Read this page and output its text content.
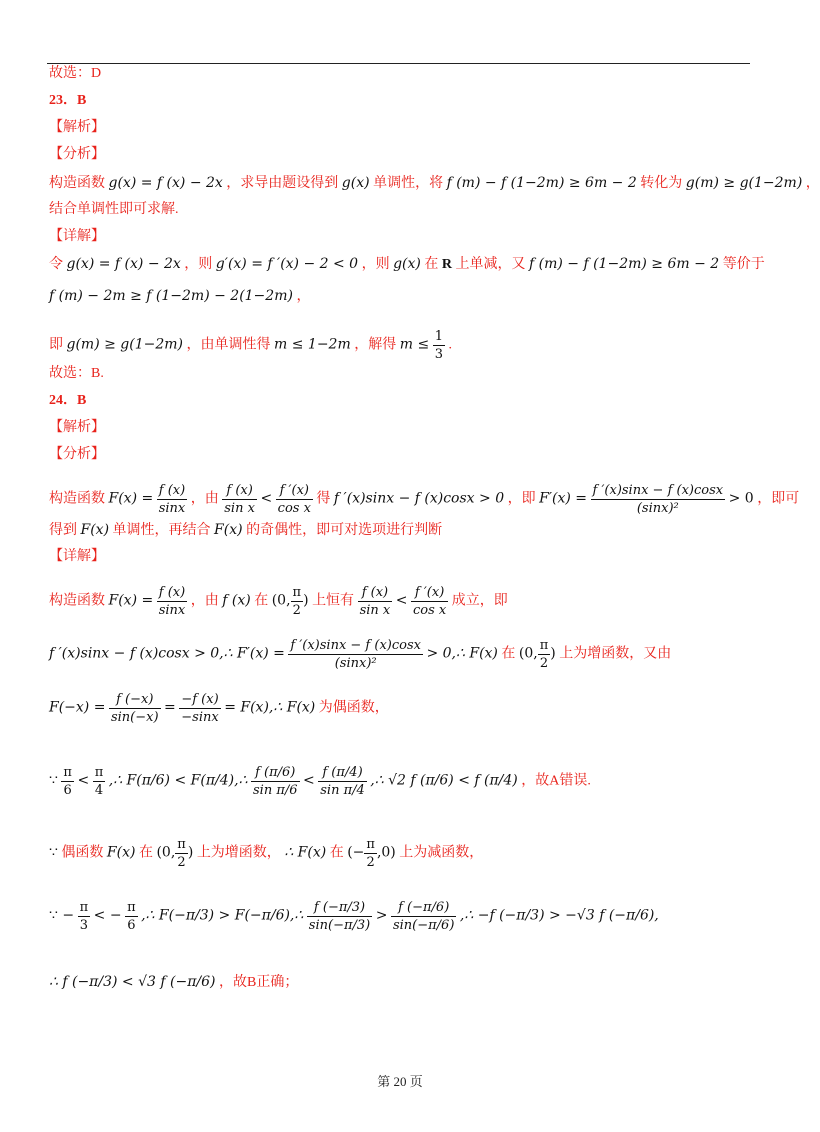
故选：D
23．B
【解析】
【分析】
构造函数 g(x) = f (x) − 2x ，求导由题设得到 g(x) 单调性，将 f (m) − f (1−2m) ≥ 6m − 2 转化为 g(m) ≥ g(1−2m) ，
结合单调性即可求解.
【详解】
令 g(x) = f (x) − 2x ，则 g′(x) = f ′(x) − 2 < 0 ，则 g(x) 在 R 上单减，又 f (m) − f (1−2m) ≥ 6m − 2 等价于
f (m) − 2m ≥ f (1−2m) − 2(1−2m) ，
即 g(m) ≥ g(1−2m) ，由单调性得 m ≤ 1−2m ，解得 $m \le \frac{1}{3}$ .
故选：B.
24．B
【解析】
【分析】
构造函数 $F(x) = \frac{f (x)}{\sin x}$ ，由 $\frac{f (x)}{\text{sin x}} < \frac{f '(x)}{\text{cos x}}$ 得 f ′(x)sinx − f (x)cosx > 0 ，即 $F'(x) = \frac{f '(x)\sin x - f (x)\cos x}{\text{(sinx)²}} > 0$ ，即可
得到 F(x) 单调性，再结合 F(x) 的奇偶性，即可对选项进行判断
【详解】
构造函数 $F(x) = \frac{f (x)}{\sin x}$ ，由 f (x) 在 (0, $\frac{\pi}{2}$ ) 上恒有 $\frac{f (x)}{\text{sin x}} < \frac{f '(x)}{\text{cos x}}$ 成立，即
f ′(x)sinx − f (x)cosx > 0,∴ $F'(x) = \frac{f '(x)\sin x - f (x)\cos x}{\text{(sinx)²}}$ > 0,∴ F(x) 在 (0, $\frac{\pi}{2}$ ) 上为增函数，又由
$F(-x) = \frac{f (-x)}{\sin(-x)} = \frac{-f (x)}{-\sin x}$ = F(x),∴ F(x) 为偶函数，
∵ $\frac{\pi}{6} < \frac{\pi}{4}$ ,∴ F(π/6) < F(π/4),∴ $\frac{f (\pi/6)}{\text{sin π/6}} < \frac{f (\pi/4)}{\text{sin π/4}}$ ,∴ √2 f (π/6) < f (π/4) ，故A错误.
∵ 偶函数 F(x) 在 (0, $\frac{\pi}{2}$ ) 上为增函数， ∴ F(x) 在 (− $\frac{\pi}{2} ,0$) 上为减函数，
∵ − $\frac{\pi}{3}$ < − $\frac{\pi}{6}$ ,∴ F(−π/3) > F(−π/6),∴ $\frac{f (-\pi/3)}{\sin(-\pi/3)} > \frac{f (-\pi/6)}{\sin(-\pi/6)}$ ,∴ −f (−π/3) > −√3 f (−π/6),
∴ f (−π/3) < √3 f (−π/6) ，故B正确；
第 20 页
